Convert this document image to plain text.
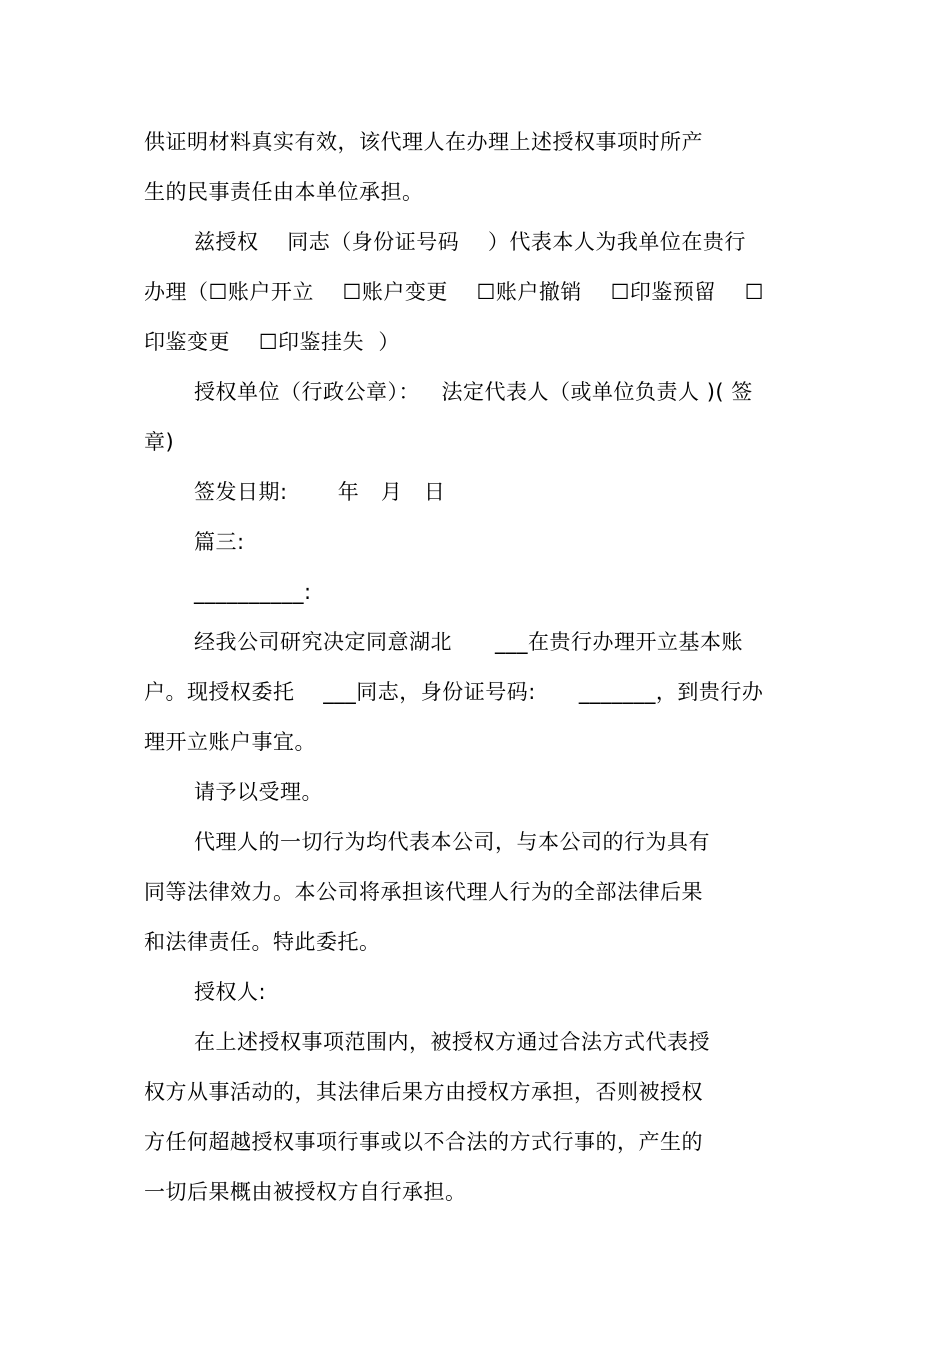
供证明材料真实有效，该代理人在办理上述授权事项时所产
生的民事责任由本单位承担。
兹授权    同志（身份证号码    ）代表本人为我单位在贵行
办理（☐账户开立    ☐账户变更    ☐账户撤销    ☐印鉴预留    ☐
印鉴变更    ☐印鉴挂失  ）
授权单位（行政公章）：   法定代表人（或单位负责人 )( 签
章)
签发日期:       年   月   日
篇三:
__________:
经我公司研究决定同意湖北      ___在贵行办理开立基本账
户。现授权委托    ___同志，身份证号码:      _______，到贵行办
理开立账户事宜。
请予以受理。
代理人的一切行为均代表本公司，与本公司的行为具有
同等法律效力。本公司将承担该代理人行为的全部法律后果
和法律责任。特此委托。
授权人:
在上述授权事项范围内，被授权方通过合法方式代表授
权方从事活动的，其法律后果方由授权方承担，否则被授权
方任何超越授权事项行事或以不合法的方式行事的，产生的
一切后果概由被授权方自行承担。
